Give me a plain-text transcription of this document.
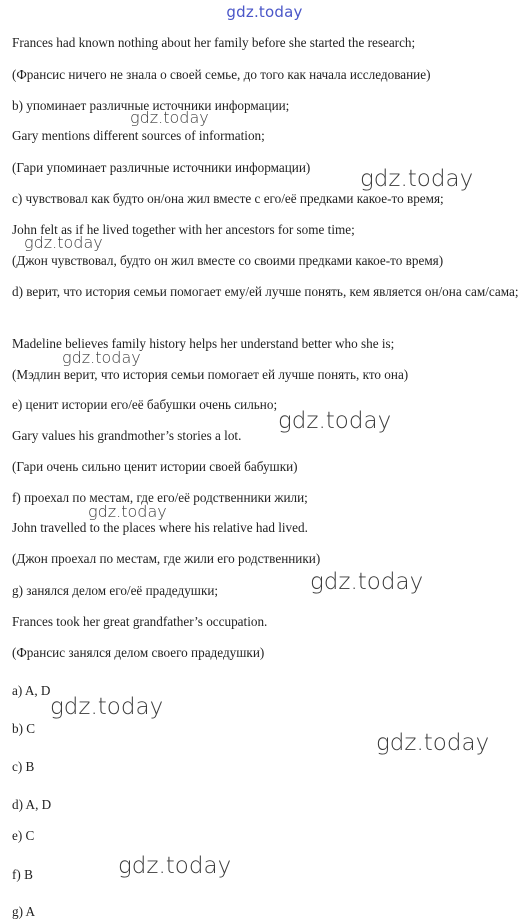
gdz.today
Frances had known nothing about her family before she started the research;
(Франсис ничего не знала о своей семье, до того как начала исследование)
b) упоминает различные источники информации;
Gary mentions different sources of information;
(Гари упоминает различные источники информации)
с) чувствовал как будто он/она жил вместе с его/её предками какое-то время;
John felt as if he lived together with her ancestors for some time;
(Джон чувствовал, будто он жил вместе со своими предками какое-то время)
d) верит, что история семьи помогает ему/ей лучше понять, кем является он/она сам/сама;
Madeline believes family history helps her understand better who she is;
(Мэдлин верит, что история семьи помогает ей лучше понять, кто она)
е) ценит истории его/её бабушки очень сильно;
Gary values his grandmother’s stories a lot.
(Гари очень сильно ценит истории своей бабушки)
f) проехал по местам, где его/её родственники жили;
John travelled to the places where his relative had lived.
(Джон проехал по местам, где жили его родственники)
g) занялся делом его/её прадедушки;
Frances took her great grandfather’s occupation.
(Франсис занялся делом своего прадедушки)
a) A, D
b) C
c) B
d) A, D
e) C
f) B
g) A
gdz.today
gdz.today
gdz.today
gdz.today
gdz.today
gdz.today
gdz.today
gdz.today
gdz.today
gdz.today
